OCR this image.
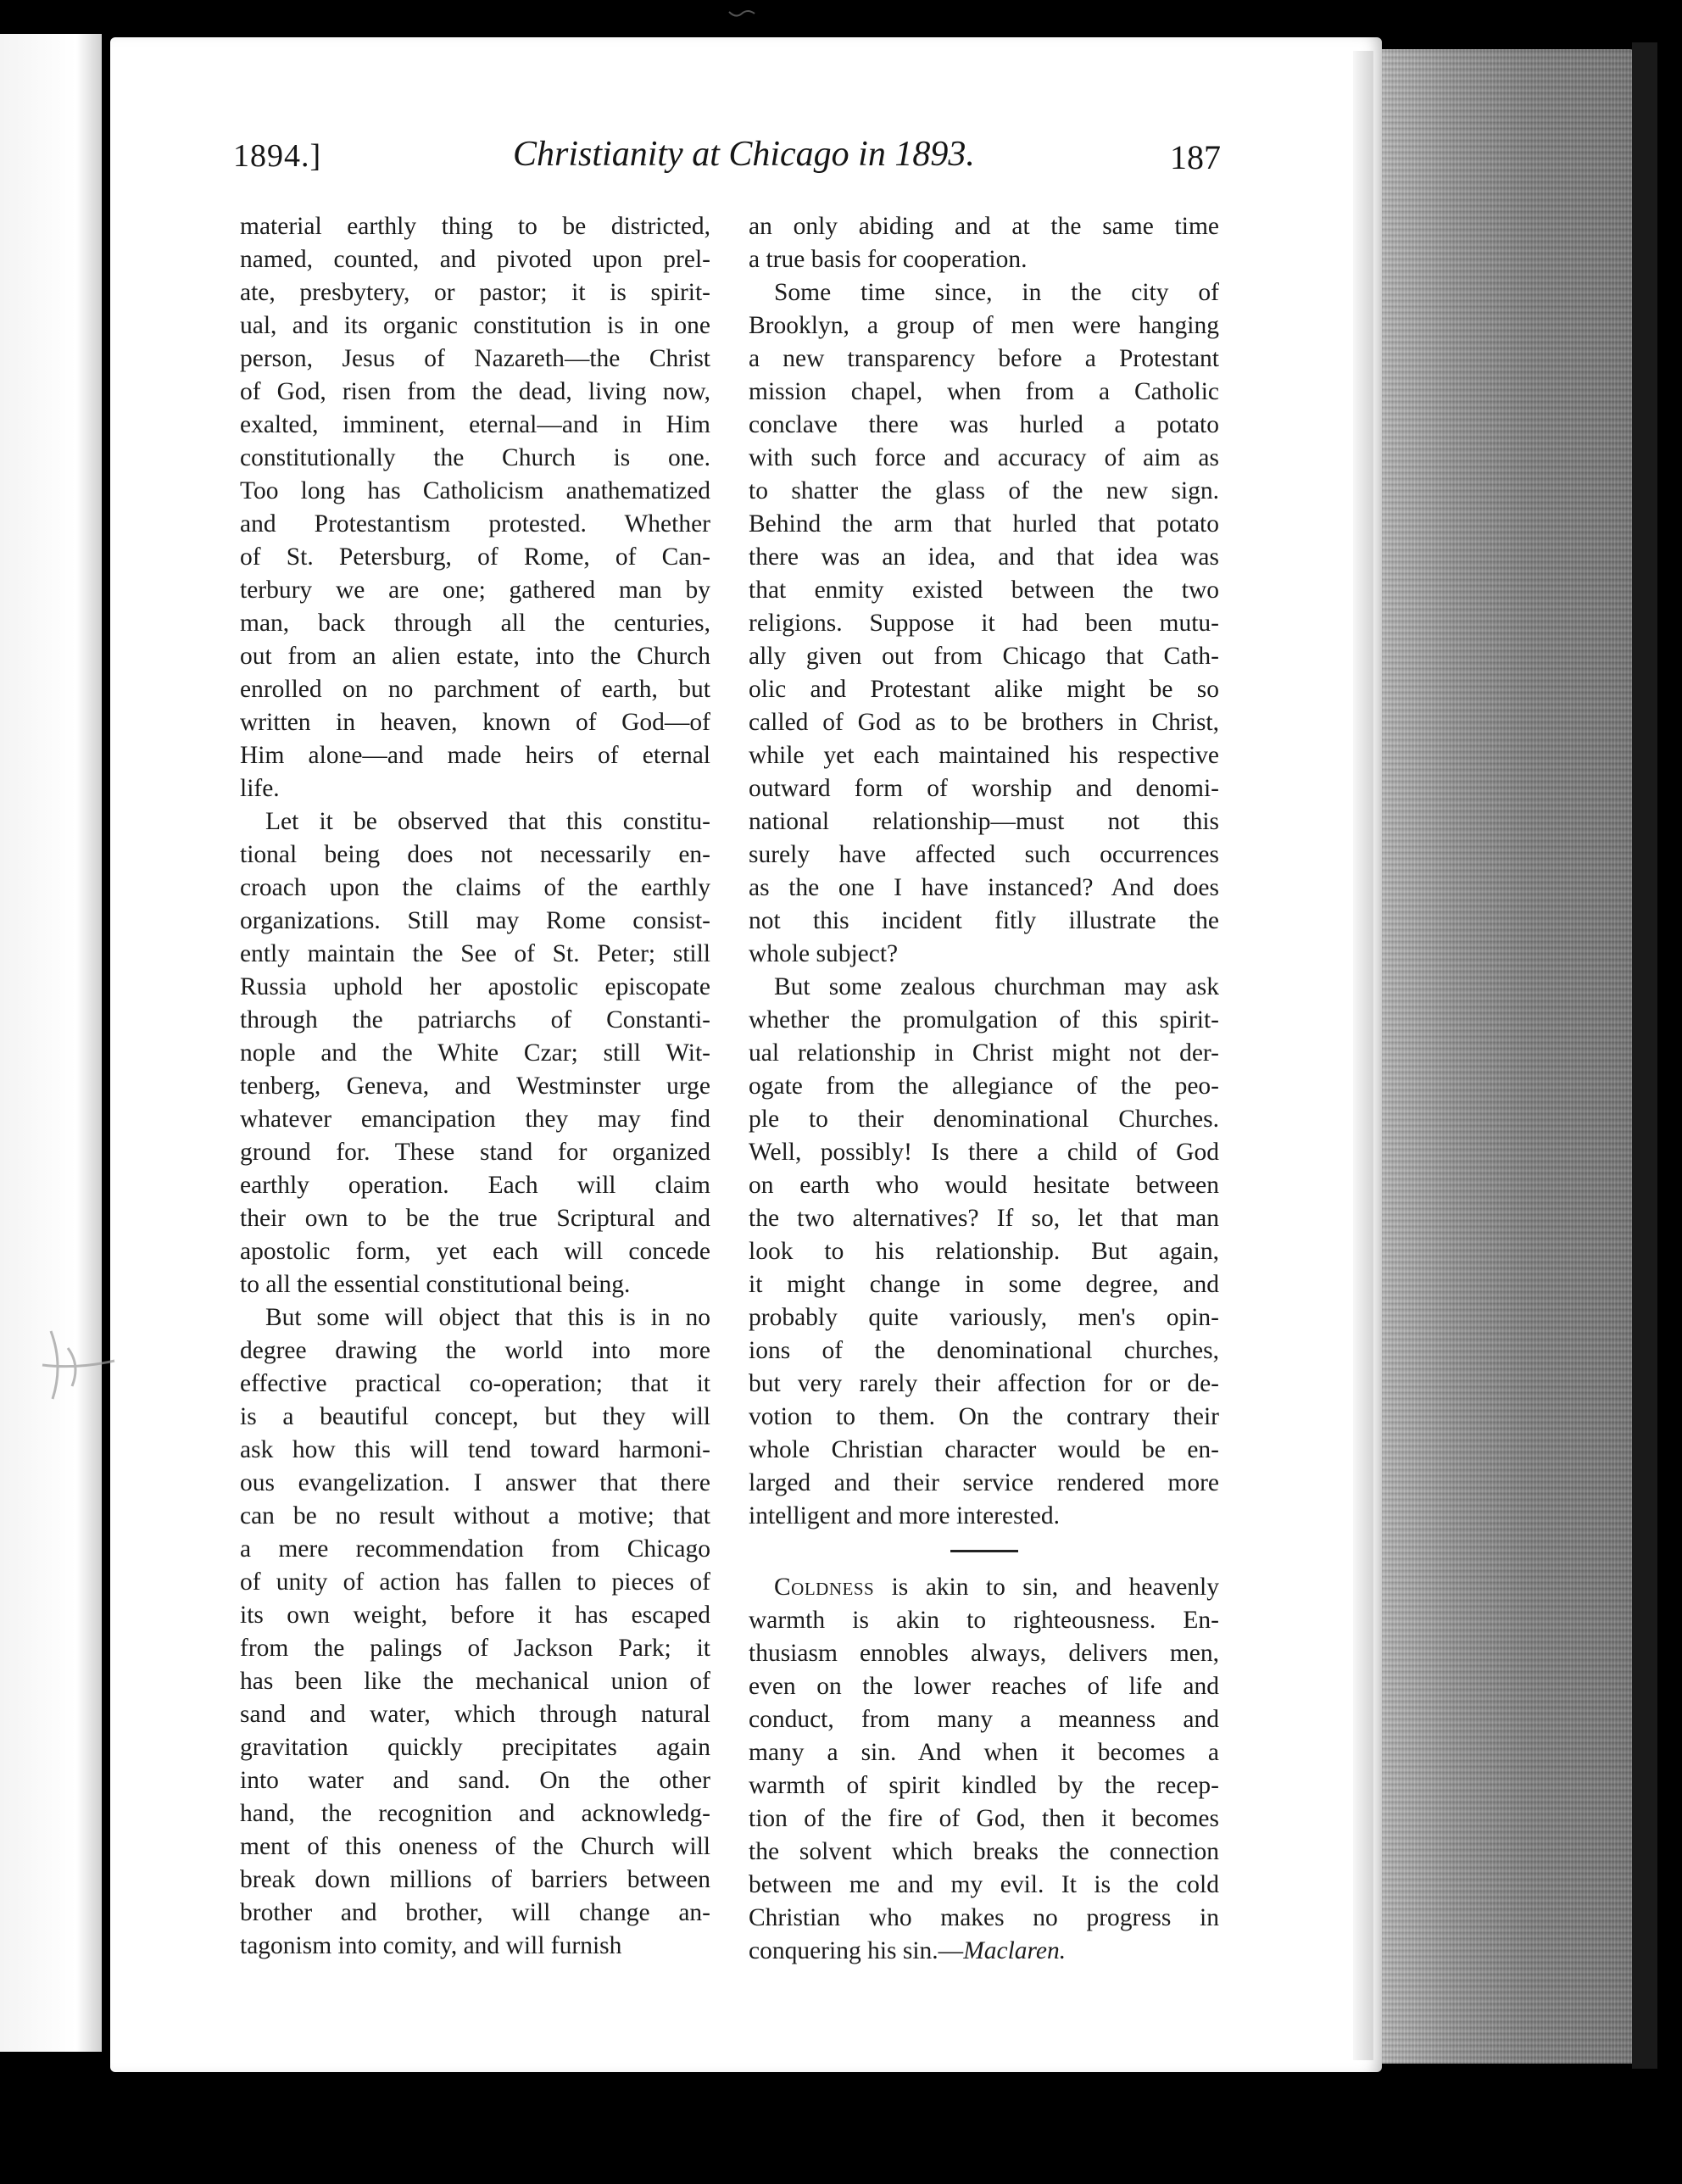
1894.]	Christianity at Chicago in 1893.	187
material earthly thing to be districted,
named, counted, and pivoted upon prel-
ate, presbytery, or pastor; it is spirit-
ual, and its organic constitution is in one
person, Jesus of Nazareth—the Christ
of God, risen from the dead, living now,
exalted, imminent, eternal—and in Him
constitutionally the Church is one.
Too long has Catholicism anathematized
and Protestantism protested. Whether
of St. Petersburg, of Rome, of Can-
terbury we are one; gathered man by
man, back through all the centuries,
out from an alien estate, into the Church
enrolled on no parchment of earth, but
written in heaven, known of God—of
Him alone—and made heirs of eternal
life.
Let it be observed that this constitu-
tional being does not necessarily en-
croach upon the claims of the earthly
organizations. Still may Rome consist-
ently maintain the See of St. Peter; still
Russia uphold her apostolic episcopate
through the patriarchs of Constanti-
nople and the White Czar; still Wit-
tenberg, Geneva, and Westminster urge
whatever emancipation they may find
ground for. These stand for organized
earthly operation. Each will claim
their own to be the true Scriptural and
apostolic form, yet each will concede
to all the essential constitutional being.
But some will object that this is in no
degree drawing the world into more
effective practical co-operation; that it
is a beautiful concept, but they will
ask how this will tend toward harmoni-
ous evangelization. I answer that there
can be no result without a motive; that
a mere recommendation from Chicago
of unity of action has fallen to pieces of
its own weight, before it has escaped
from the palings of Jackson Park; it
has been like the mechanical union of
sand and water, which through natural
gravitation quickly precipitates again
into water and sand. On the other
hand, the recognition and acknowledg-
ment of this oneness of the Church will
break down millions of barriers between
brother and brother, will change an-
tagonism into comity, and will furnish
an only abiding and at the same time
a true basis for cooperation.
Some time since, in the city of
Brooklyn, a group of men were hanging
a new transparency before a Protestant
mission chapel, when from a Catholic
conclave there was hurled a potato
with such force and accuracy of aim as
to shatter the glass of the new sign.
Behind the arm that hurled that potato
there was an idea, and that idea was
that enmity existed between the two
religions. Suppose it had been mutu-
ally given out from Chicago that Cath-
olic and Protestant alike might be so
called of God as to be brothers in Christ,
while yet each maintained his respective
outward form of worship and denomi-
national relationship—must not this
surely have affected such occurrences
as the one I have instanced? And does
not this incident fitly illustrate the
whole subject?
But some zealous churchman may ask
whether the promulgation of this spirit-
ual relationship in Christ might not der-
ogate from the allegiance of the peo-
ple to their denominational Churches.
Well, possibly! Is there a child of God
on earth who would hesitate between
the two alternatives? If so, let that man
look to his relationship. But again,
it might change in some degree, and
probably quite variously, men's opin-
ions of the denominational churches,
but very rarely their affection for or de-
votion to them. On the contrary their
whole Christian character would be en-
larged and their service rendered more
intelligent and more interested.
Coldness is akin to sin, and heavenly
warmth is akin to righteousness. En-
thusiasm ennobles always, delivers men,
even on the lower reaches of life and
conduct, from many a meanness and
many a sin. And when it becomes a
warmth of spirit kindled by the recep-
tion of the fire of God, then it becomes
the solvent which breaks the connection
between me and my evil. It is the cold
Christian who makes no progress in
conquering his sin.—Maclaren.
